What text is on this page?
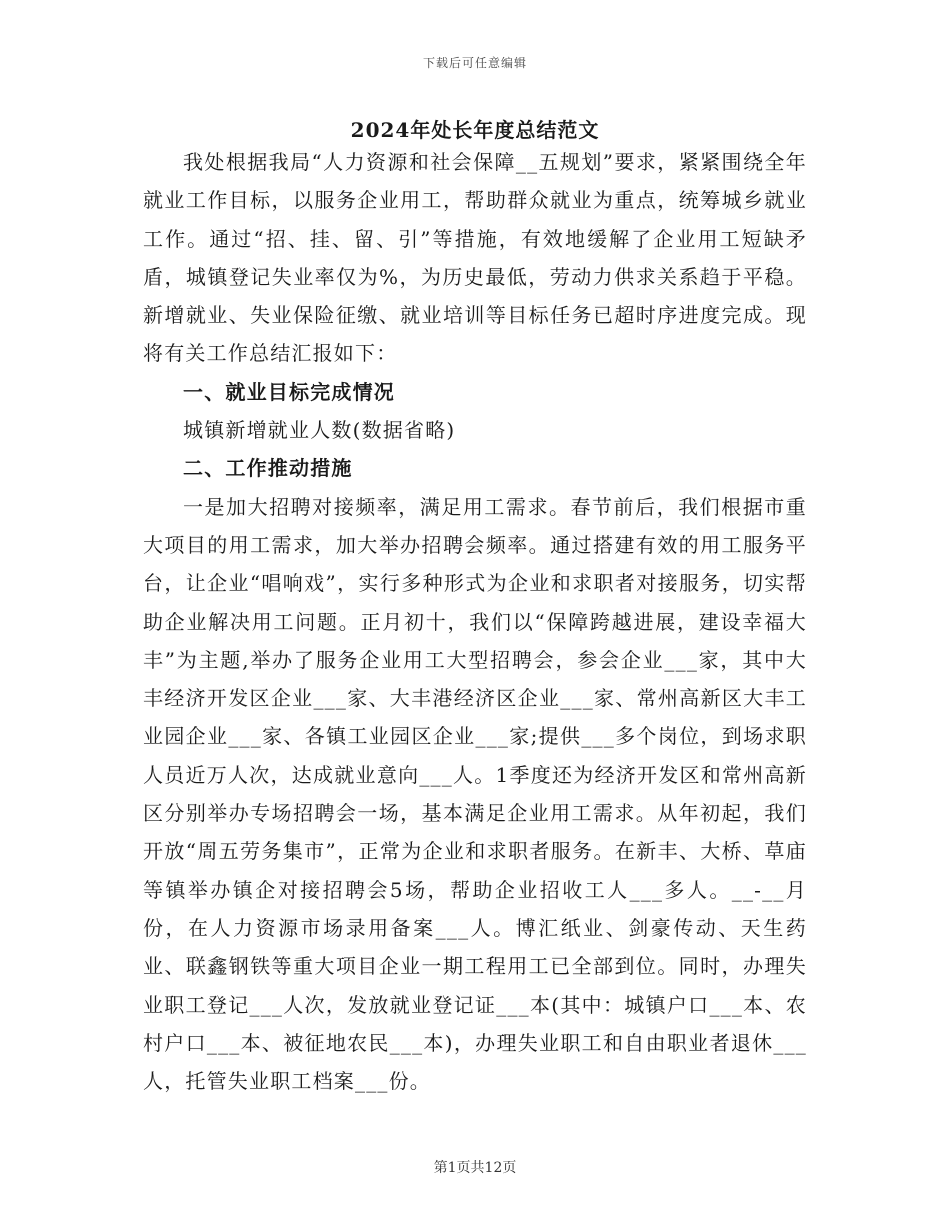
下载后可任意编辑
2024年处长年度总结范文

我处根据我局“人力资源和社会保障__五规划”要求，紧紧围绕全年就业工作目标，以服务企业用工，帮助群众就业为重点，统筹城乡就业工作。通过“招、挂、留、引”等措施，有效地缓解了企业用工短缺矛盾，城镇登记失业率仅为%，为历史最低，劳动力供求关系趋于平稳。新增就业、失业保险征缴、就业培训等目标任务已超时序进度完成。现将有关工作总结汇报如下：

一、就业目标完成情况

城镇新增就业人数(数据省略)

二、工作推动措施

一是加大招聘对接频率，满足用工需求。春节前后，我们根据市重大项目的用工需求，加大举办招聘会频率。通过搭建有效的用工服务平台，让企业“唱响戏”，实行多种形式为企业和求职者对接服务，切实帮助企业解决用工问题。正月初十，我们以“保障跨越进展，建设幸福大丰”为主题,举办了服务企业用工大型招聘会，参会企业___家，其中大丰经济开发区企业___家、大丰港经济区企业___家、常州高新区大丰工业园企业___家、各镇工业园区企业___家;提供___多个岗位，到场求职人员近万人次，达成就业意向___人。1季度还为经济开发区和常州高新区分别举办专场招聘会一场，基本满足企业用工需求。从年初起，我们开放“周五劳务集市”，正常为企业和求职者服务。在新丰、大桥、草庙等镇举办镇企对接招聘会5场，帮助企业招收工人___多人。__-__月份，在人力资源市场录用备案___人。博汇纸业、剑豪传动、天生药业、联鑫钢铁等重大项目企业一期工程用工已全部到位。同时，办理失业职工登记___人次，发放就业登记证___本(其中：城镇户口___本、农村户口___本、被征地农民___本)，办理失业职工和自由职业者退休___人，托管失业职工档案___份。

第1页共12页
